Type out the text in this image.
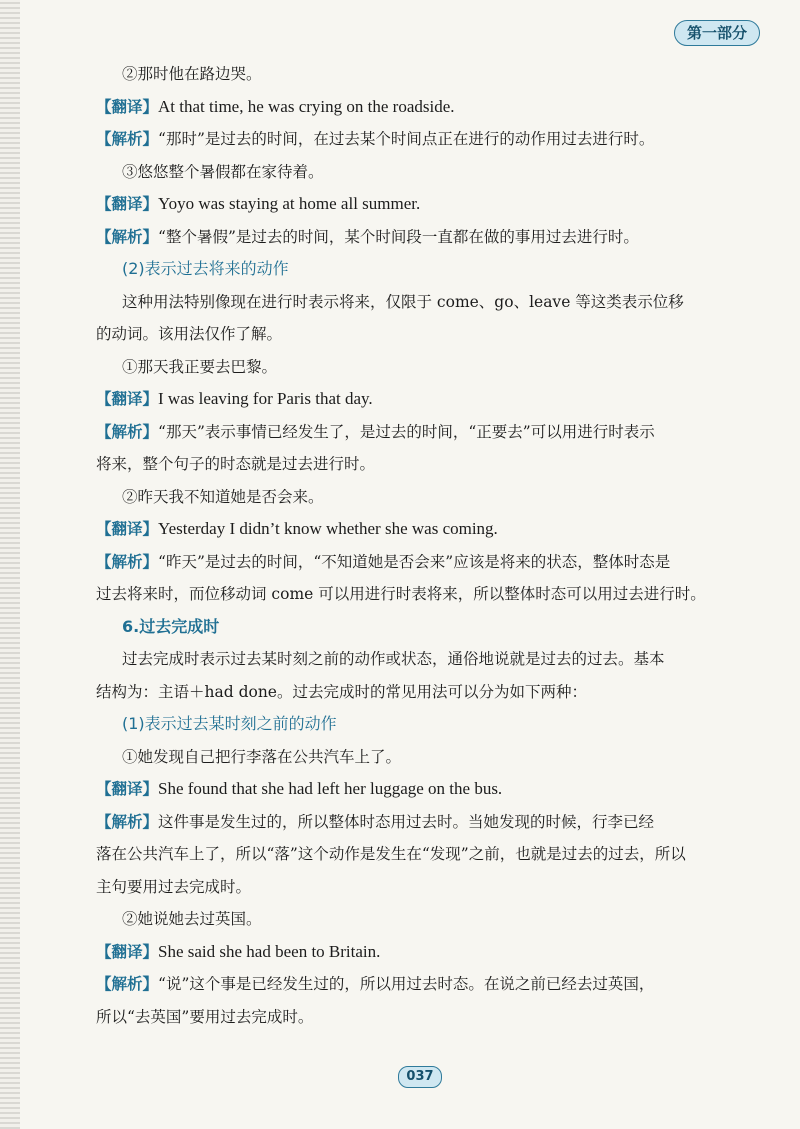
第一部分
②那时他在路边哭。
【翻译】At that time, he was crying on the roadside.
【解析】“那时”是过去的时间，在过去某个时间点正在进行的动作用过去进行时。
③悠悠整个暑假都在家待着。
【翻译】Yoyo was staying at home all summer.
【解析】“整个暑假”是过去的时间，某个时间段一直都在做的事用过去进行时。
(2)表示过去将来的动作
这种用法特别像现在进行时表示将来，仅限于 come、go、leave 等这类表示位移
的动词。该用法仅作了解。
①那天我正要去巴黎。
【翻译】I was leaving for Paris that day.
【解析】“那天”表示事情已经发生了，是过去的时间，“正要去”可以用进行时表示
将来，整个句子的时态就是过去进行时。
②昨天我不知道她是否会来。
【翻译】Yesterday I didn’t know whether she was coming.
【解析】“昨天”是过去的时间，“不知道她是否会来”应该是将来的状态，整体时态是
过去将来时，而位移动词 come 可以用进行时表将来，所以整体时态可以用过去进行时。
6.过去完成时
过去完成时表示过去某时刻之前的动作或状态，通俗地说就是过去的过去。基本
结构为：主语＋had done。过去完成时的常见用法可以分为如下两种：
(1)表示过去某时刻之前的动作
①她发现自己把行李落在公共汽车上了。
【翻译】She found that she had left her luggage on the bus.
【解析】这件事是发生过的，所以整体时态用过去时。当她发现的时候，行李已经
落在公共汽车上了，所以“落”这个动作是发生在“发现”之前，也就是过去的过去，所以
主句要用过去完成时。
②她说她去过英国。
【翻译】She said she had been to Britain.
【解析】“说”这个事是已经发生过的，所以用过去时态。在说之前已经去过英国，
所以“去英国”要用过去完成时。
037
